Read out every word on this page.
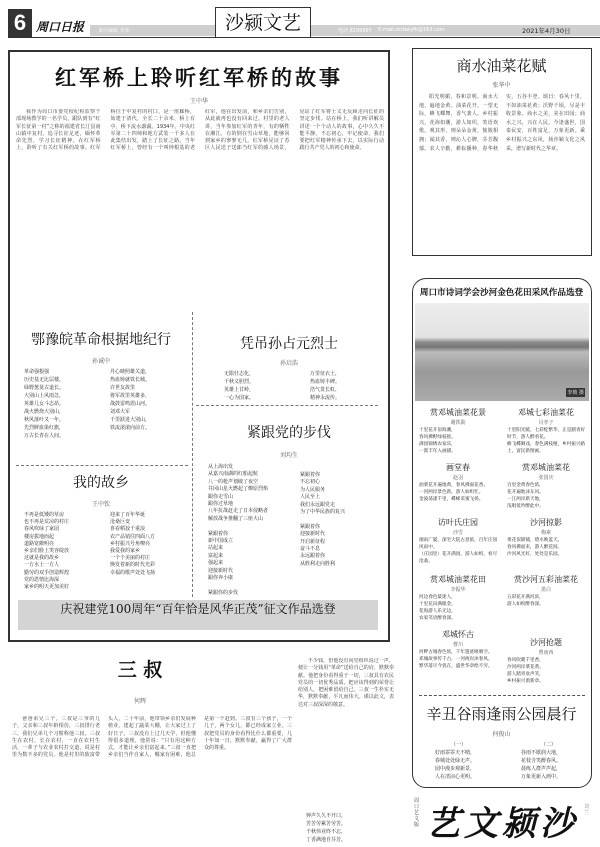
6 周口日报	责任编辑 李菲	沙颍文艺	电话 8199997 E-mail:zkrbwyfk@163.com	2021年4月30日
红军桥上聆听红军桥的故事
王中华
我作为周口市委党校纪检监察干部现场教学的一名学员，跟队到有“红军长征第一村”之称的福建省长汀县南山镇中复村，追寻长征足迹，缅怀革命先烈，学习长征精神。在红军桥上，聆听了有关红军桥的故事。红军桥位于中复村的村口，是一座廊桥，始建于清代，全长二十余米，桥上有亭，桥下流水潺潺。1934年，中央红军第二十四师和地方武装一千多人在此集结出发，踏上了长征之路。当年红军桥上，曾经有一个叫钟根基的老红军，他在出发前，和乡亲们告别，从此就再也没有回来过。村里的老人讲，当年参加红军的青年，有的牺牲在湘江，有的倒在雪山草地，能够回到家乡的寥寥无几。红军桥见证了苏区人民送子送郎当红军的感人场景，见证了红军将士义无反顾走向长征的坚定步伐。站在桥上，我们听讲解员讲述一个个动人的故事，心中久久不能平静。不忘初心，牢记使命，我们要把红军精神传承下去，以实际行动践行共产党人的初心和使命。
鄂豫皖革命根据地纪行
孙诚中
革命强根强
历史基无比层楼，
绿野葱茏古道长。
大别山上风雨急，
英雄儿女斗志昂。
战火燃烧大别山，
秋风落叶又一年。
先烈鲜血染红旗，
万古长青在人间。
丹心映照雄关道，
热血铸就铁长城。
许世友故里
将军故里英雄多，
战鼓雷鸣震山河。
刘邓大军
千里跃进大别山，
铁流滚滚向前方。
我的故乡
王中钦
不再是低矮的草房
也不再是荒凉的村庄
春风吹绿了家园
楼房拔地而起
道路宽敞明亮
乡亲们脸上笑容绽放
这就是我的故乡
一方水土一方人
勤劳的双手创造辉煌
党的恩情比海深
家乡的明天更加美好
迎来了百年华诞
沧桑巨变
喜看稻菽千重浪
农产品销往四面八方
乡村振兴号角嘹亮
我爱我的家乡
一个个美丽的村庄
焕发着新的时代光彩
幸福的歌声处处飞扬
凭吊孙占元烈士
孙启浩
无限壮志化，
千秋义胆烈。
英雄上甘岭，
一心为国家。
万里征衣土，
热血铸丰碑。
浩气贯长虹，
精神永流传。
紧跟党的步伐
刘均生
从上海出发
从嘉兴南湖的红船起航
八一的枪声划破了夜空
井冈山星火燃起了燎原烈焰
跟你走雪山
跟你过草地
八年抗战赶走了日本侵略者
解放战争推翻了三座大山

紧跟着你
新中国成立
站起来
富起来
强起来
迎接新时代
跟你奔小康

紧跟你的步伐
紧跟着你
不忘初心
为人民服务
人民至上
我们永远跟党走
为了中华民族的复兴

紧跟着你
迎接新时代
开启新征程
奋斗不息
永远跟着你
从胜利走向胜利
庆祝建党100周年“百年恰是风华正茂”征文作品选登
三 叔
何辉
爸爸弟兄三个，三叔是三爷的儿子，父亲和三叔年龄相仿，三叔排行老三，我们兄弟几个习惯称他三叔。三叔生在农村，长在农村，一直在农村生活，一辈子与农业农村打交道，说是村里为数不多的党员。他是村里的致富带头人，二十年前，他带领乡亲们发展种植业，建起了蔬菜大棚，让大家过上了好日子。三叔没有上过几天学，但他懂得很多道理，他常说：“只有用这种方式，才能让乡亲们富起来。”三叔一直把乡亲们当作自家人，哪家有困难，他总是第一个赶到。三叔有三个孩子，一个儿子，两个女儿，都已经成家立业。三叔把党员的身份看得比什么都重要，几十年如一日，默默奉献，赢得了广大群众的尊重。
不少钱，但他没有向党组织说过一声，便让一分钱用“革命”送给自己的肩，默默奉献。他把身份看得重于一切，三叔具有农民党员的一切优秀品质，把应该得到的荣誉让给别人，把困难留给自己。三叔一生朴实无华，默默奉献，平凡而伟大。谨以此文，表达对三叔深深的敬意。
钟声久久不开口，
苦苦劳累苦劳苦。
千秋伟业终不忘，
丁香满地自芬芳。
商水油菜花赋
张华中
阳光明媚，春和景明。商水大地，遍地金黄。油菜花开，一望无际，蜂飞蝶舞，香气袭人。乡村振兴，花海如潮，游人如织，笑语欢歌。观其形，则朵朵金黄，簇簇相拥；闻其香，则沁人心脾，芬芳馥郁。农人辛勤，耕耘播种，春华秋实，五谷丰登。颂曰：春风十里，不如油菜花黄；沃野千顷，尽是丰收景象。商水之美，美在田园；商水之兴，兴在人民。今逢盛世，国泰民安，百姓富足，万象更新。乘乡村振兴之东风，扬沙颍文化之风采，谱写新时代之华章。
周口市诗词学会沙河金色花田采风作品选登
李坡 摄
赏邓城油菜花景
谢铁勋
十里花开似海潮，
春风拂野绿枝摇。
满园锦绣农家乐，
一派丰年入画描。
邓城七彩油菜花
闫孝子
十里阳光暖，七彩绽繁华，正是踏青好时节，游人醉看花。
蜂飞蝶舞戏，春色满枝桠，乡村振兴路上，富民新图画。
画堂春
赵羽
油菜花开遍地黄，春风拂面花香。
一河两岸景色新，游人如织忙。
金波荡漾千里，蝶蜂采蜜飞扬。
赏邓城油菜花
张国庆
百里金黄春色浓，
花开遍地沐东风。
一江两岸新天地，
浅唱低吟醉此中。
访叶氏庄园
沙雪
烟雨广厦，深宅大院古意浓，百年庄园风雨中。
（庄园里）花开满园，游人如织，看尽沧桑。
沙河掠影
梅素
黄花似锦铺，碧水映蓝天。
春风拂面来，游人醉花间。
沙河风光好，处处是乐园。
赏邓城油菜花田
李振华
河边春色最迷人，
十里花田满眼金。
花海游人乐无边，
农家笑语醉春深。
赏沙河五彩油菜花
墨白
五彩花开满河滨，
游人如织醉春深。
邓城怀古
曹川
河畔古城春色浓，千年遗迹映晴空。
邓城故事传千古，一河两岸沐春风。
繁华落尽今犹在，盛世华章绘不穷。
沙河抢题
曹南西
春风吹暖千里香，
沙河两岸菜花黄。
游人踏青欢声笑，
乡村振兴谱新章。
辛丑谷雨逢雨公园晨行
何俊山
（一）
好雨霏霏天不晴，
春城处处绿无声。
园中漫步观新景，
人在清凉心更明。
（二）
谷雨不歇润大地，
花枝含笑醉春风。
晨练人群声声起，
万象更新入画中。
周口艺文版 艺文颍沙 刘兰
